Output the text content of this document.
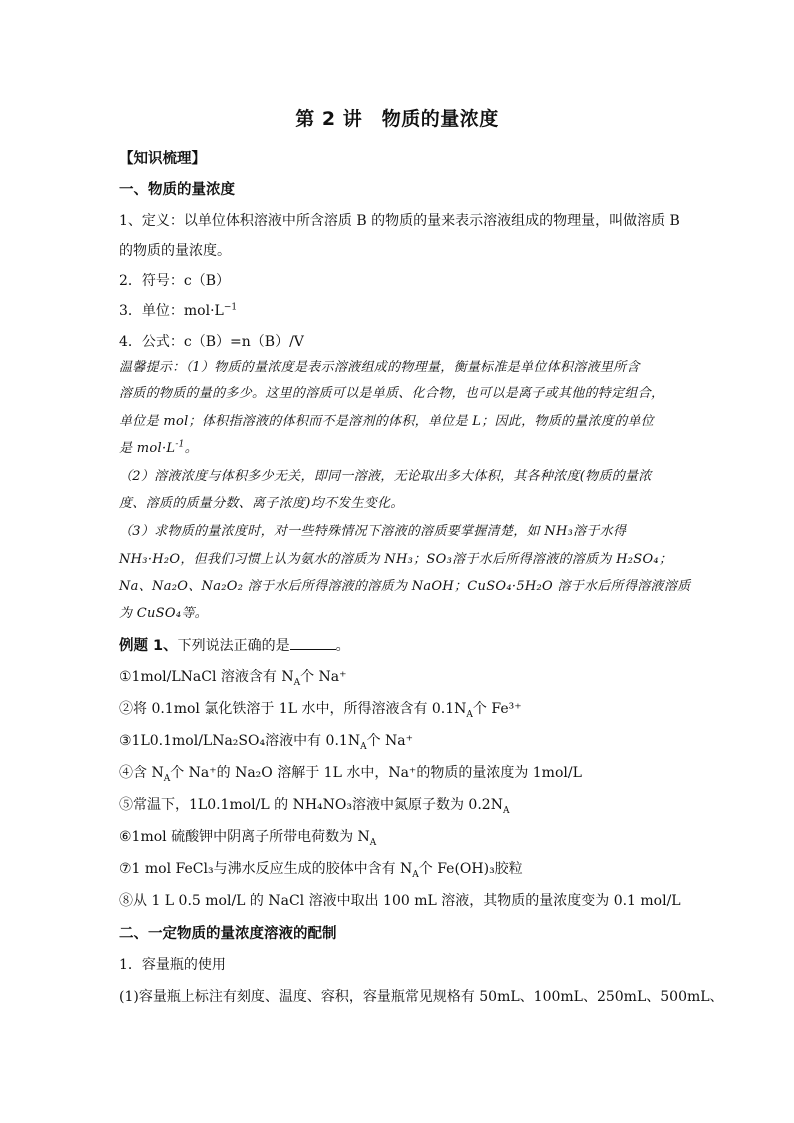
第 2 讲　物质的量浓度
【知识梳理】
一、物质的量浓度
1、定义：以单位体积溶液中所含溶质 B 的物质的量来表示溶液组成的物理量，叫做溶质 B
的物质的量浓度。
2．符号：c（B）
3．单位：$mol\cdot L^{-1}$
4．公式：c（B）=n（B）/V
温馨提示：（1）物质的量浓度是表示溶液组成的物理量，衡量标准是单位体积溶液里所含
溶质的物质的量的多少。这里的溶质可以是单质、化合物，也可以是离子或其他的特定组合，
单位是 mol；体积指溶液的体积而不是溶剂的体积，单位是 L；因此，物质的量浓度的单位
是 $mol\cdot L^{-1}$。
（2）溶液浓度与体积多少无关，即同一溶液，无论取出多大体积，其各种浓度(物质的量浓
度、溶质的质量分数、离子浓度)均不发生变化。
（3）求物质的量浓度时，对一些特殊情况下溶液的溶质要掌握清楚，如 NH₃溶于水得
NH₃·H₂O，但我们习惯上认为氨水的溶质为 NH₃；SO₃溶于水后所得溶液的溶质为 H₂SO₄；
Na、Na₂O、Na₂O₂ 溶于水后所得溶液的溶质为 NaOH；CuSO₄·5H₂O 溶于水后所得溶液溶质
为 CuSO₄等。
例题 1、下列说法正确的是	。
①1mol/LNaCl 溶液含有 $N_A$个 Na⁺
②将 0.1mol 氯化铁溶于 1L 水中，所得溶液含有 $0.1N_A$个 Fe³⁺
③1L0.1mol/LNa₂SO₄溶液中有 $0.1N_A$个 Na⁺
④含 $N_A$个 Na⁺的 Na₂O 溶解于 1L 水中，Na⁺的物质的量浓度为 1mol/L
⑤常温下，1L0.1mol/L 的 NH₄NO₃溶液中氮原子数为 $0.2N_A$
⑥1mol 硫酸钾中阴离子所带电荷数为 $N_A$
⑦1 mol FeCl₃与沸水反应生成的胶体中含有 $N_A$个 Fe(OH)₃胶粒
⑧从 1 L 0.5 mol/L 的 NaCl 溶液中取出 100 mL 溶液，其物质的量浓度变为 0.1 mol/L
二、一定物质的量浓度溶液的配制
1．容量瓶的使用
(1)容量瓶上标注有刻度、温度、容积，容量瓶常见规格有 50mL、100mL、250mL、500mL、
